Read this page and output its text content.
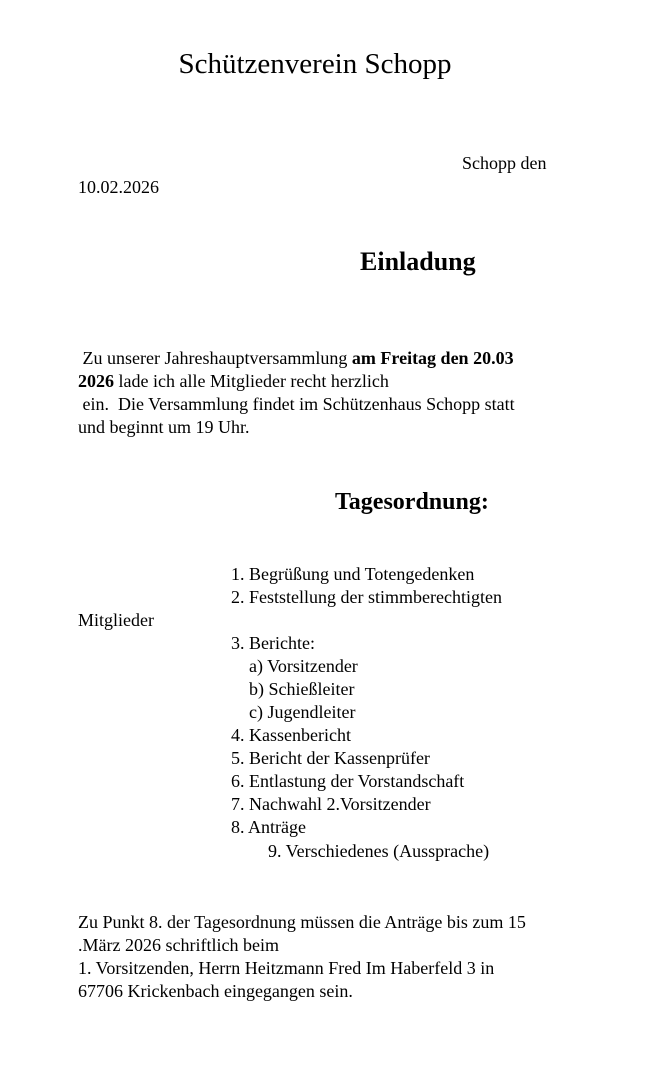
Schützenverein Schopp
Schopp den
10.02.2026
Einladung
Zu unserer Jahreshauptversammlung am Freitag den 20.03
2026 lade ich alle Mitglieder recht herzlich
ein.  Die Versammlung findet im Schützenhaus Schopp statt
und beginnt um 19 Uhr.
Tagesordnung:
1. Begrüßung und Totengedenken
2. Feststellung der stimmberechtigten
Mitglieder
3. Berichte:
a) Vorsitzender
b) Schießleiter
c) Jugendleiter
4. Kassenbericht
5. Bericht der Kassenprüfer
6. Entlastung der Vorstandschaft
7. Nachwahl 2.Vorsitzender
8. Anträge
9. Verschiedenes (Aussprache)
Zu Punkt 8. der Tagesordnung müssen die Anträge bis zum 15
.März 2026 schriftlich beim
1. Vorsitzenden, Herrn Heitzmann Fred Im Haberfeld 3 in
67706 Krickenbach eingegangen sein.
